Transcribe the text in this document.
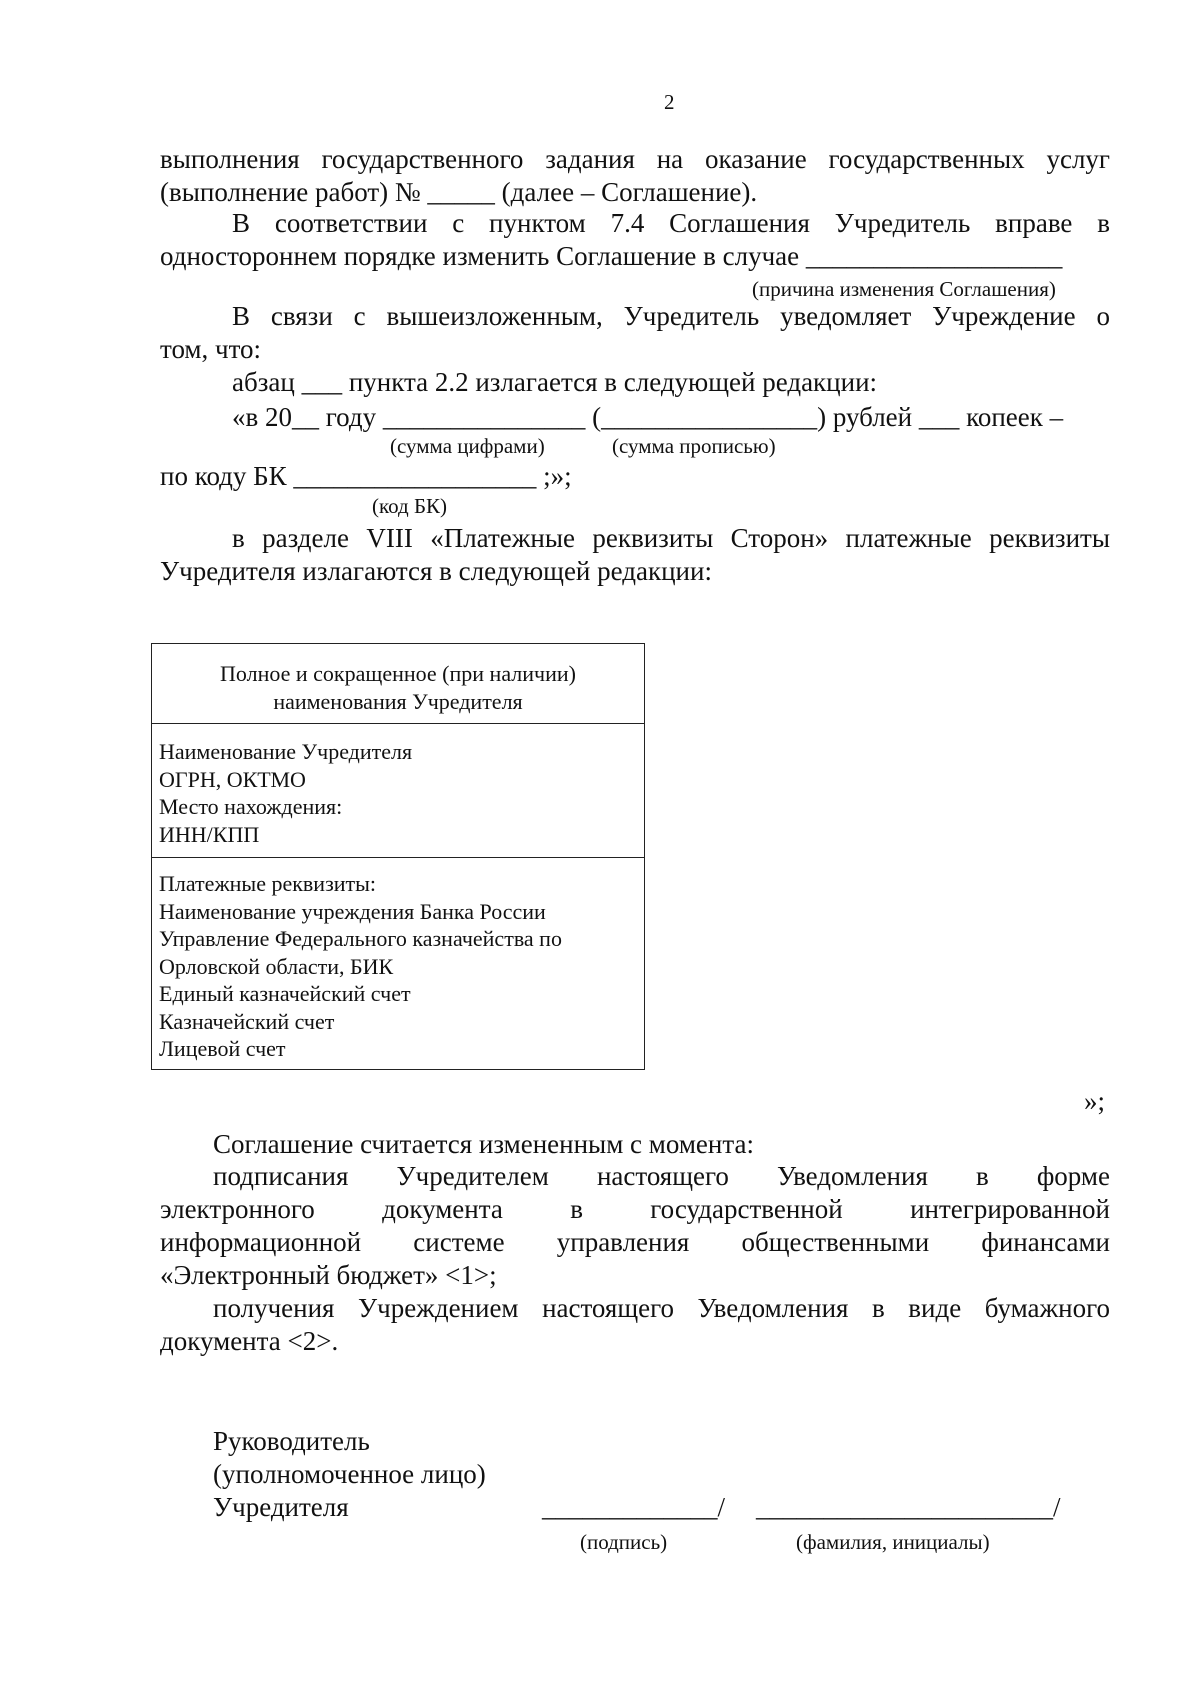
2
выполнения государственного задания на оказание государственных услуг
(выполнение работ) № _____ (далее – Соглашение).
В соответствии с пунктом 7.4 Соглашения Учредитель вправе в
одностороннем порядке изменить Соглашение в случае ___________________
(причина изменения Соглашения)
В связи с вышеизложенным, Учредитель уведомляет Учреждение о
том, что:
абзац ___ пункта 2.2 излагается в следующей редакции:
«в 20__ году _______________ (________________) рублей ___ копеек –
(сумма цифрами)	(сумма прописью)
по коду БК __________________ ;»;
(код БК)
в разделе VIII «Платежные реквизиты Сторон» платежные реквизиты
Учредителя излагаются в следующей редакции:
Полное и сокращенное (при наличии)
наименования Учредителя
Наименование Учредителя
ОГРН, ОКТМО
Место нахождения:
ИНН/КПП
Платежные реквизиты:
Наименование учреждения Банка России
Управление Федерального казначейства по
Орловской области, БИК
Единый казначейский счет
Казначейский счет
Лицевой счет
»;
Соглашение считается измененным с момента:
подписания Учредителем настоящего Уведомления в форме
электронного документа в государственной интегрированной
информационной системе управления общественными финансами
«Электронный бюджет» <1>;
получения Учреждением настоящего Уведомления в виде бумажного
документа <2>.
Руководитель
(уполномоченное лицо)
Учредителя	_____________/ ______________________/
(подпись)	(фамилия, инициалы)
